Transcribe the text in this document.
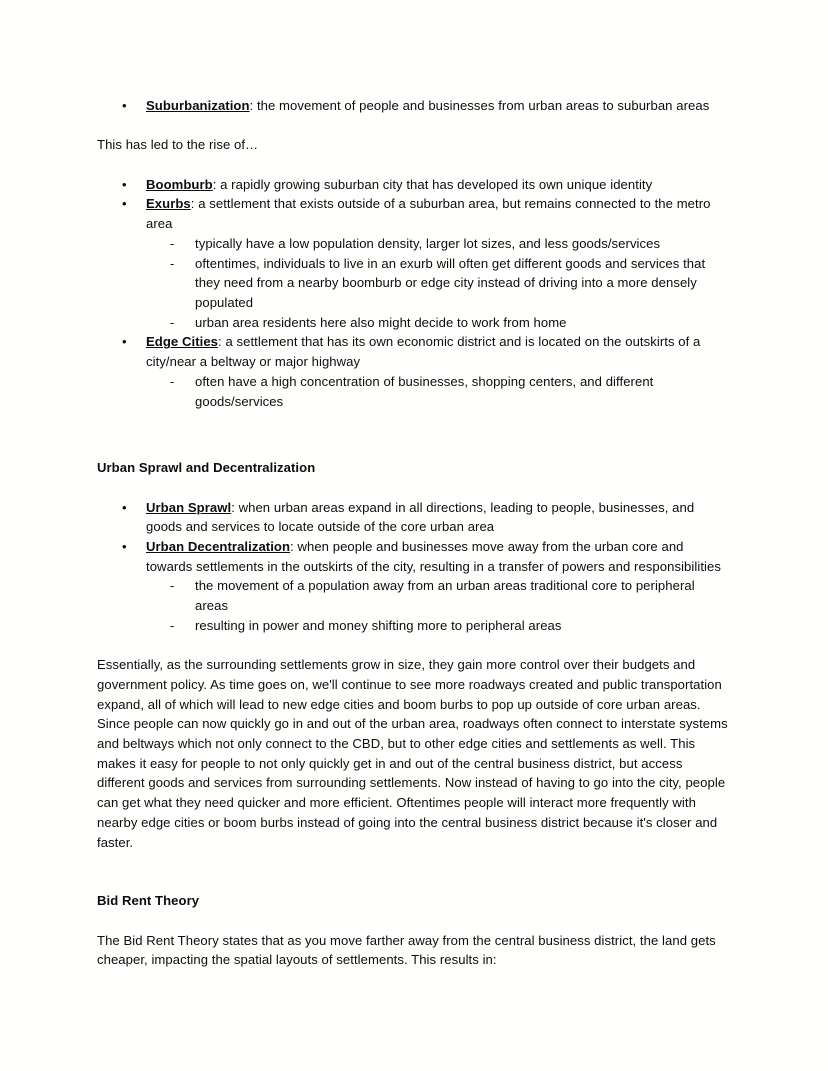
•	Suburbanization: the movement of people and businesses from urban areas to suburban areas

This has led to the rise of…

•	Boomburb: a rapidly growing suburban city that has developed its own unique identity
•	Exurbs: a settlement that exists outside of a suburban area, but remains connected to the metro area
-	typically have a low population density, larger lot sizes, and less goods/services
-	oftentimes, individuals to live in an exurb will often get different goods and services that they need from a nearby boomburb or edge city instead of driving into a more densely populated
-	urban area residents here also might decide to work from home
•	Edge Cities: a settlement that has its own economic district and is located on the outskirts of a city/near a beltway or major highway
-	often have a high concentration of businesses, shopping centers, and different goods/services

Urban Sprawl and Decentralization

•	Urban Sprawl: when urban areas expand in all directions, leading to people, businesses, and goods and services to locate outside of the core urban area
•	Urban Decentralization: when people and businesses move away from the urban core and towards settlements in the outskirts of the city, resulting in a transfer of powers and responsibilities
-	the movement of a population away from an urban areas traditional core to peripheral areas
-	resulting in power and money shifting more to peripheral areas

Essentially, as the surrounding settlements grow in size, they gain more control over their budgets and government policy. As time goes on, we'll continue to see more roadways created and public transportation expand, all of which will lead to new edge cities and boom burbs to pop up outside of core urban areas. Since people can now quickly go in and out of the urban area, roadways often connect to interstate systems and beltways which not only connect to the CBD, but to other edge cities and settlements as well. This makes it easy for people to not only quickly get in and out of the central business district, but access different goods and services from surrounding settlements. Now instead of having to go into the city, people can get what they need quicker and more efficient. Oftentimes people will interact more frequently with nearby edge cities or boom burbs instead of going into the central business district because it's closer and faster.

Bid Rent Theory

The Bid Rent Theory states that as you move farther away from the central business district, the land gets cheaper, impacting the spatial layouts of settlements. This results in:
